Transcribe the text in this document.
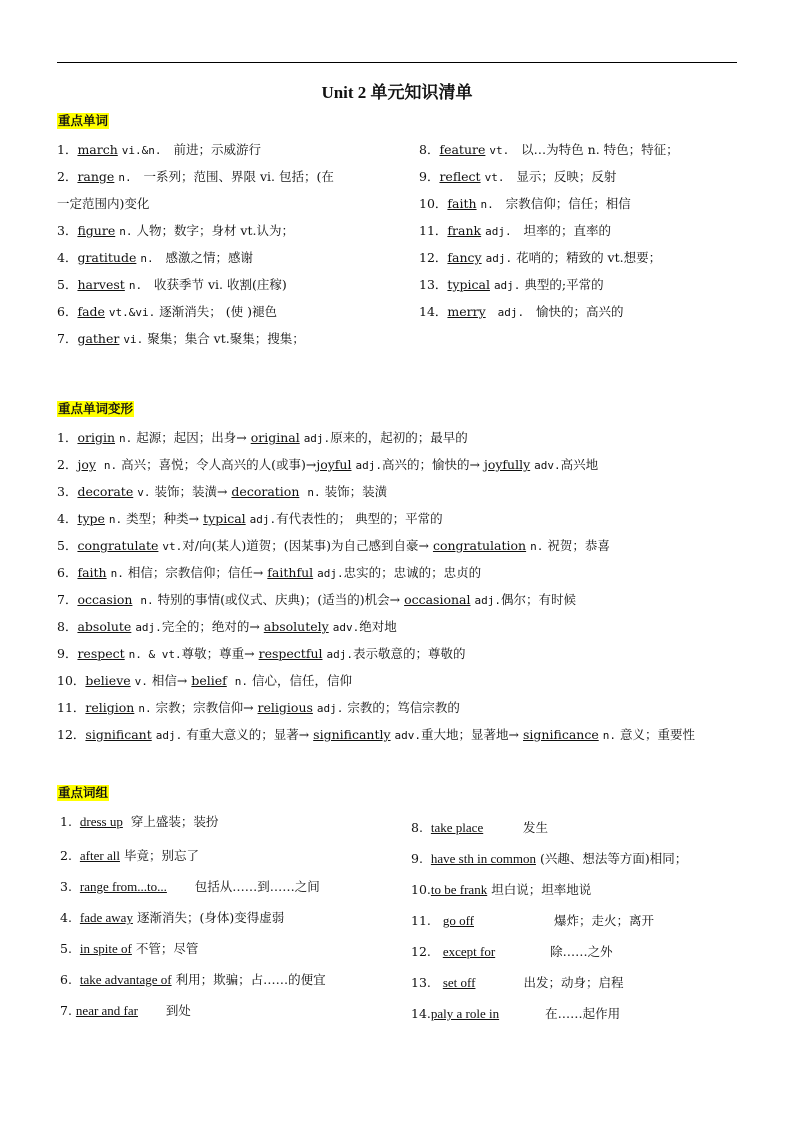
Unit 2 单元知识清单
重点单词
1．march vi.&n. 前进；示威游行
2．range n. 一系列；范围、界限 vi. 包括；(在
一定范围内)变化
3．figure n. 人物；数字；身材 vt.认为；
4．gratitude n. 感激之情；感谢
5．harvest n. 收获季节 vi. 收割(庄稼)
6．fade vt.&vi. 逐渐消失； (使 )褪色
7．gather vi. 聚集；集合 vt.聚集；搜集；
8．feature vt. 以…为特色 n. 特色；特征；
9．reflect vt. 显示；反映；反射
10．faith n. 宗教信仰；信任；相信
11．frank adj. 坦率的；直率的
12．fancy adj. 花哨的；精致的 vt.想要；
13．typical adj. 典型的;平常的
14．merry adj. 愉快的；高兴的
重点单词变形
1．origin n. 起源；起因；出身→ original adj.原来的，起初的；最早的
2．joy n. 高兴；喜悦；令人高兴的人(或事)→joyful adj.高兴的；愉快的→ joyfully adv.高兴地
3．decorate v. 装饰；装潢→ decoration n. 装饰；装潢
4．type n. 类型；种类→ typical adj.有代表性的； 典型的；平常的
5．congratulate vt.对/向(某人)道贺；(因某事)为自己感到自豪→ congratulation n. 祝贺；恭喜
6．faith n. 相信；宗教信仰；信任→ faithful adj.忠实的；忠诚的；忠贞的
7．occasion n. 特别的事情(或仪式、庆典)；(适当的)机会→ occasional adj.偶尔；有时候
8．absolute adj.完全的；绝对的→ absolutely adv.绝对地
9．respect n. & vt.尊敬；尊重→ respectful adj.表示敬意的；尊敬的
10．believe v. 相信→ belief n. 信心，信任，信仰
11．religion n. 宗教；宗教信仰→ religious adj. 宗教的；笃信宗教的
12．significant adj. 有重大意义的；显著→ significantly adv.重大地；显著地→ significance n. 意义；重要性
重点词组
1. dress up 穿上盛装；装扮
2. after all 毕竟；别忘了
3. range from...to... 包括从……到……之间
4. fade away 逐渐消失；(身体)变得虚弱
5. in spite of 不管；尽管
6. take advantage of 利用；欺骗；占……的便宜
7. near and far 到处
8. take place	发生
9. have sth in common (兴趣、想法等方面)相同；
10.to be frank 坦白说；坦率地说
11. go off	爆炸；走火；离开
12. except for	除……之外
13. set off	出发；动身；启程
14.paly a role in	在……起作用
